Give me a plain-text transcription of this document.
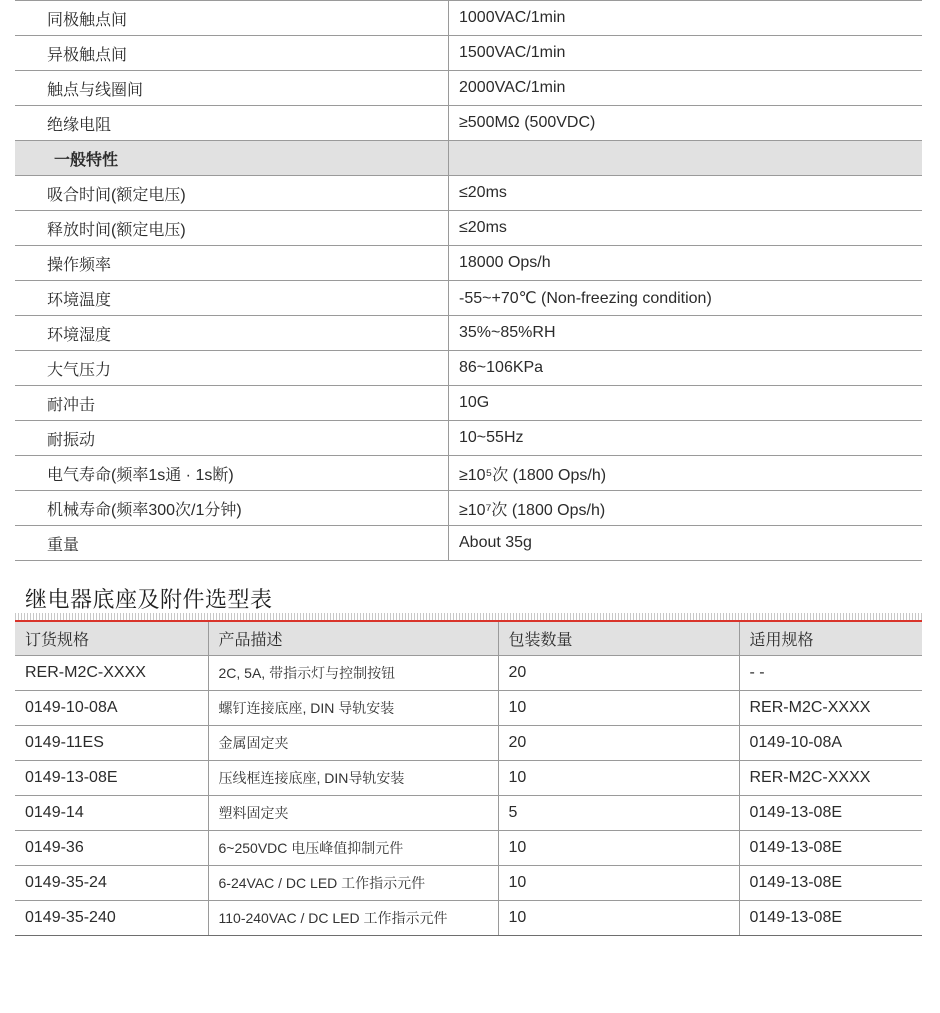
同极触点间	1000VAC/1min
异极触点间	1500VAC/1min
触点与线圈间	2000VAC/1min
绝缘电阻	≥500MΩ (500VDC)
一般特性	
吸合时间(额定电压)	≤20ms
释放时间(额定电压)	≤20ms
操作频率	18000 Ops/h
环境温度	-55~+70℃ (Non-freezing condition)
环境湿度	35%~85%RH
大气压力	86~106KPa
耐冲击	10G
耐振动	10~55Hz
电气寿命(频率1s通 · 1s断)	≥10⁵次 (1800 Ops/h)
机械寿命(频率300次/1分钟)	≥10⁷次 (1800 Ops/h)
重量	About 35g
继电器底座及附件选型表
订货规格	产品描述	包装数量	适用规格
RER-M2C-XXXX	2C, 5A, 带指示灯与控制按钮	20	- -
0149-10-08A	螺钉连接底座, DIN 导轨安装	10	RER-M2C-XXXX
0149-11ES	金属固定夹	20	0149-10-08A
0149-13-08E	压线框连接底座, DIN导轨安装	10	RER-M2C-XXXX
0149-14	塑料固定夹	5	0149-13-08E
0149-36	6~250VDC 电压峰值抑制元件	10	0149-13-08E
0149-35-24	6-24VAC / DC LED 工作指示元件	10	0149-13-08E
0149-35-240	110-240VAC / DC LED 工作指示元件	10	0149-13-08E
